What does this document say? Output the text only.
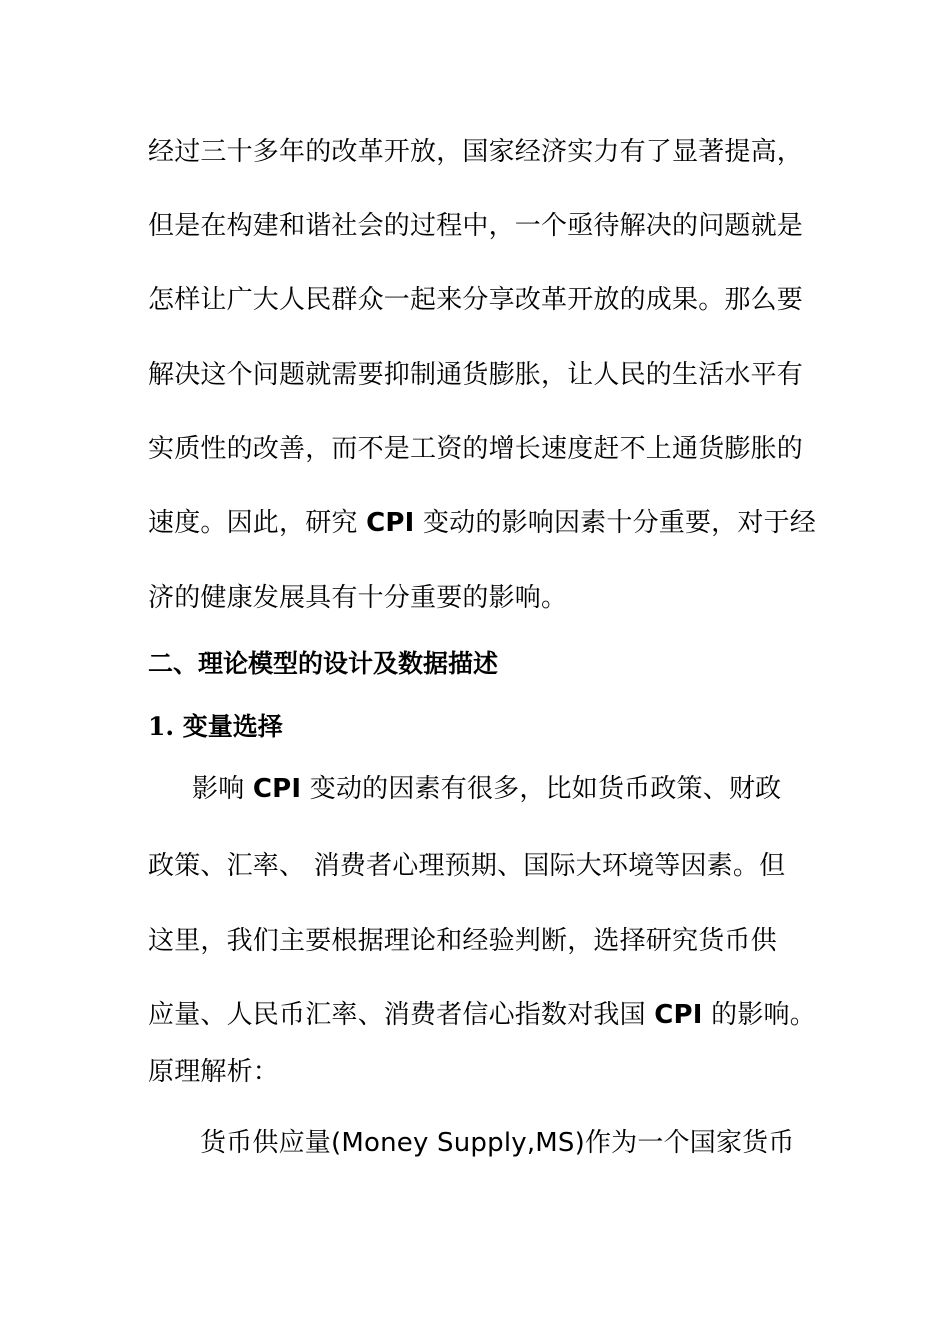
经过三十多年的改革开放，国家经济实力有了显著提高，
但是在构建和谐社会的过程中，一个亟待解决的问题就是
怎样让广大人民群众一起来分享改革开放的成果。那么要
解决这个问题就需要抑制通货膨胀，让人民的生活水平有
实质性的改善，而不是工资的增长速度赶不上通货膨胀的
速度。因此，研究 CPI 变动的影响因素十分重要，对于经
济的健康发展具有十分重要的影响。
二、理论模型的设计及数据描述
1. 变量选择
影响 CPI 变动的因素有很多，比如货币政策、财政
政策、汇率、 消费者心理预期、国际大环境等因素。但
这里，我们主要根据理论和经验判断，选择研究货币供
应量、人民币汇率、消费者信心指数对我国 CPI 的影响。
原理解析：
货币供应量(Money Supply,MS)作为一个国家货币
